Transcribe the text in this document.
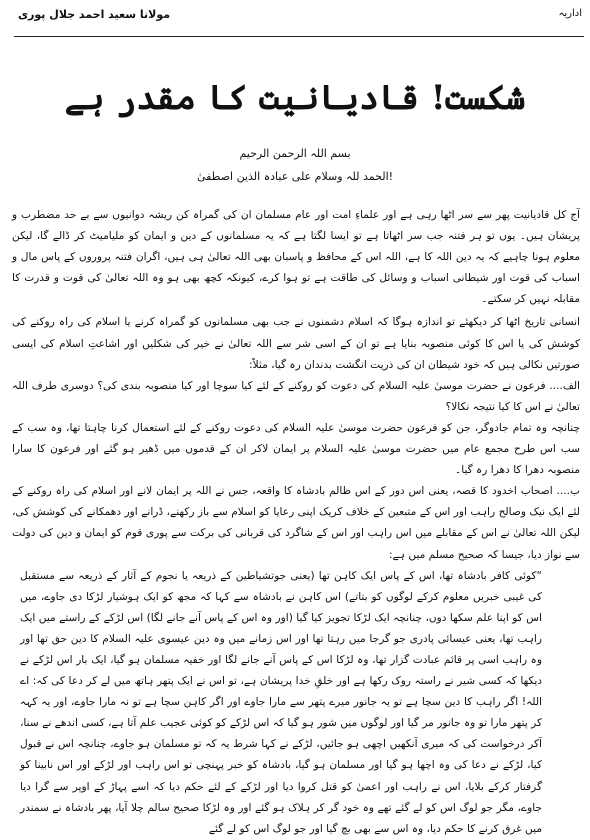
اداریہ
مولانا سعید احمد جلال پوری
شکست! قادیانیت کا مقدر ہے
بسم اللہ الرحمن الرحیم
الحمد للہ وسلام على عبادہ الذین اصطفیٰ!

آج کل قادیانیت پھر سے سر اٹھا رہی ہے اور علماءِ امت اور عام مسلمان ان کی گمراہ کن ریشہ دوانیوں سے بے حد مضطرب و پریشان ہیں۔ یوں تو ہر فتنہ جب سر اٹھاتا ہے تو ایسا لگتا ہے کہ یہ مسلمانوں کے دین و ایمان کو ملیامیٹ کر ڈالے گا، لیکن معلوم ہونا چاہیے کہ یہ دین اللہ کا ہے، اللہ اس کے محافظ و پاسبان بھی اللہ تعالیٰ ہی ہیں، اگران فتنہ پروروں کے پاس مال و اسباب کی قوت اور شیطانی اسباب و وسائل کی طاقت ہے تو ہوا کرے، کیونکہ کچھ بھی ہو وہ اللہ تعالیٰ کی قوت و قدرت کا مقابلہ نہیں کر سکتے۔

انسانی تاریخ اٹھا کر دیکھئے تو اندازہ ہوگا کہ اسلام دشمنوں نے جب بھی مسلمانوں کو گمراہ کرنے یا اسلام کی راہ روکنے کی کوشش کی یا اس کا کوئی منصوبہ بنایا ہے تو ان کے اسی شر سے اللہ تعالیٰ نے خیر کی شکلیں اور اشاعتِ اسلام کی ایسی صورتیں نکالی ہیں کہ خود شیطان ان کی ذریت انگشت بدندان رہ گیا، مثلاً:

الف.... فرعون نے حضرت موسیٰ علیہ السلام کی دعوت کو روکنے کے لئے کیا سوچا اور کیا منصوبہ بندی کی؟ دوسری طرف اللہ تعالیٰ نے اس کا کیا نتیجہ نکالا؟

چنانچہ وہ تمام جادوگر، جن کو فرعون حضرت موسیٰ علیہ السلام کی دعوت روکنے کے لئے استعمال کرنا چاہتا تھا، وہ سب کے سب اس طرح مجمع عام میں حضرت موسیٰ علیہ السلام پر ایمان لاکر ان کے قدموں میں ڈھیر ہو گئے اور فرعون کا سارا منصوبہ دھرا کا دھرا رہ گیا۔

ب.... اصحاب اخدود کا قصہ، یعنی اس دور کے اس ظالم بادشاہ کا واقعہ، جس نے اللہ پر ایمان لانے اور اسلام کی راہ روکنے کے لئے ایک نیک وصالح راہب اور اس کے متبعین کے خلاف کریک اپنی رعایا کو اسلام سے باز رکھنے، ڈرانے اور دھمکانے کی کوشش کی، لیکن اللہ تعالیٰ نے اس کے مقابلے میں اس راہب اور اس کے شاگرد کی قربانی کی برکت سے پوری قوم کو ایمان و دین کی دولت سے نواز دیا، جیسا کہ صحیح مسلم میں ہے:

“کوئی کافر بادشاہ تھا، اس کے پاس ایک کاہن تھا (یعنی جوتشیاطین کے ذریعہ یا نجوم کے آثار کے ذریعہ سے مستقبل کی غیبی خبریں معلوم کرکے لوگوں کو بتاتے) اس کاہن نے بادشاہ سے کہا کہ مجھ کو ایک ہوشیار لڑکا دی جاوے، میں اس کو اپنا علم سکھا دوں، چنانچہ ایک لڑکا تجویز کیا گیا (اور وہ اس کے پاس آنے جانے لگا) اس لڑکے کے راستے میں ایک راہب تھا، یعنی عیسائی پادری جو گرجا میں رہتا تھا اور اس زمانے میں وہ دین عیسوی علیہ السلام کا دین حق تھا اور وہ راہب اسی پر قائم عبادت گزار تھا، وہ لڑکا اس کے پاس آنے جانے لگا اور خفیہ مسلمان ہو گیا، ایک بار اس لڑکے نے دیکھا کہ کسی شیر نے راستہ روک رکھا ہے اور خلقِ خدا پریشان ہے، تو اس نے ایک پتھر ہاتھ میں لے کر دعا کی کہ: اے اللہ! اگر راہب کا دین سچا ہے تو یہ جانور میرے پتھر سے مارا جاوے اور اگر کاہن سچا ہے تو نہ مارا جاوے، اور یہ کہہ کر پتھر مارا تو وہ جانور مر گیا اور لوگوں میں شور ہو گیا کہ اس لڑکے کو کوئی عجیب علم آتا ہے، کسی اندھے نے سنا، آکر درخواست کی کہ میری آنکھیں اچھی ہو جائیں، لڑکے نے کہا شرط یہ کہ تو مسلمان ہو جاوے، چنانچہ اس نے قبول کیا، لڑکے نے دعا کی وہ اچھا ہو گیا اور مسلمان ہو گیا، بادشاہ کو خبر پہنچی تو اس راہب اور لڑکے اور اس نابینا کو گرفتار کرکے بلایا، اس نے راہب اور اعمیٰ کو قتل کروا دیا اور لڑکے کے لئے حکم دیا کہ اسے پہاڑ کے اوپر سے گرا دیا جاوے، مگر جو لوگ اس کو لے گئے تھے وہ خود گر کر ہلاک ہو گئے اور وہ لڑکا صحیح سالم چلا آیا، پھر بادشاہ نے سمندر میں غرق کرنے کا حکم دیا، وہ اس سے بھی بچ گیا اور جو لوگ اس کو لے گئے
